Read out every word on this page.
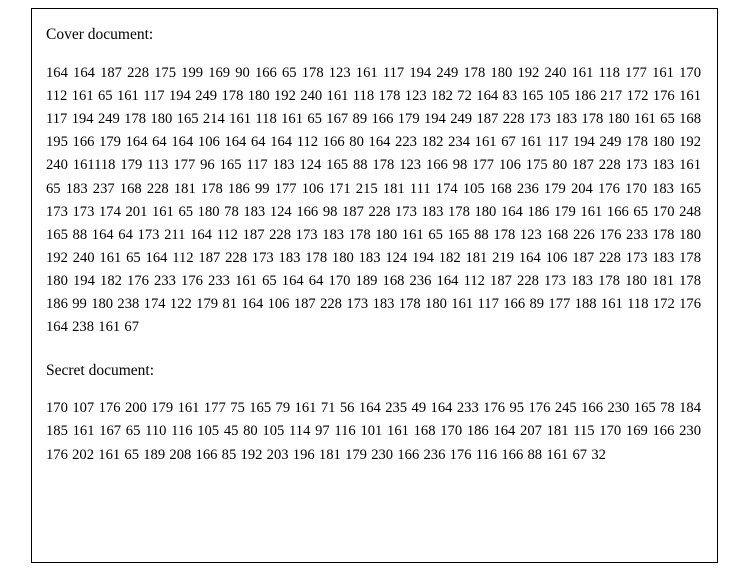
Cover document:

164 164 187 228 175 199 169 90 166 65 178 123 161 117 194 249 178 180 192 240 161 118 177 161 170 112 161 65 161 117 194 249 178 180 192 240 161 118 178 123 182 72 164 83 165 105 186 217 172 176 161 117 194 249 178 180 165 214 161 118 161 65 167 89 166 179 194 249 187 228 173 183 178 180 161 65 168 195 166 179 164 64 164 106 164 64 164 112 166 80 164 223 182 234 161 67 161 117 194 249 178 180 192 240 161118 179 113 177 96 165 117 183 124 165 88 178 123 166 98 177 106 175 80 187 228 173 183 161 65 183 237 168 228 181 178 186 99 177 106 171 215 181 111 174 105 168 236 179 204 176 170 183 165 173 173 174 201 161 65 180 78 183 124 166 98 187 228 173 183 178 180 164 186 179 161 166 65 170 248 165 88 164 64 173 211 164 112 187 228 173 183 178 180 161 65 165 88 178 123 168 226 176 233 178 180 192 240 161 65 164 112 187 228 173 183 178 180 183 124 194 182 181 219 164 106 187 228 173 183 178 180 194 182 176 233 176 233 161 65 164 64 170 189 168 236 164 112 187 228 173 183 178 180 181 178 186 99 180 238 174 122 179 81 164 106 187 228 173 183 178 180 161 117 166 89 177 188 161 118 172 176 164 238 161 67

Secret document:

170 107 176 200 179 161 177 75 165 79 161 71 56 164 235 49 164 233 176 95 176 245 166 230 165 78 184 185 161 167 65 110 116 105 45 80 105 114 97 116 101 161 168 170 186 164 207 181 115 170 169 166 230 176 202 161 65 189 208 166 85 192 203 196 181 179 230 166 236 176 116 166 88 161 67 32
